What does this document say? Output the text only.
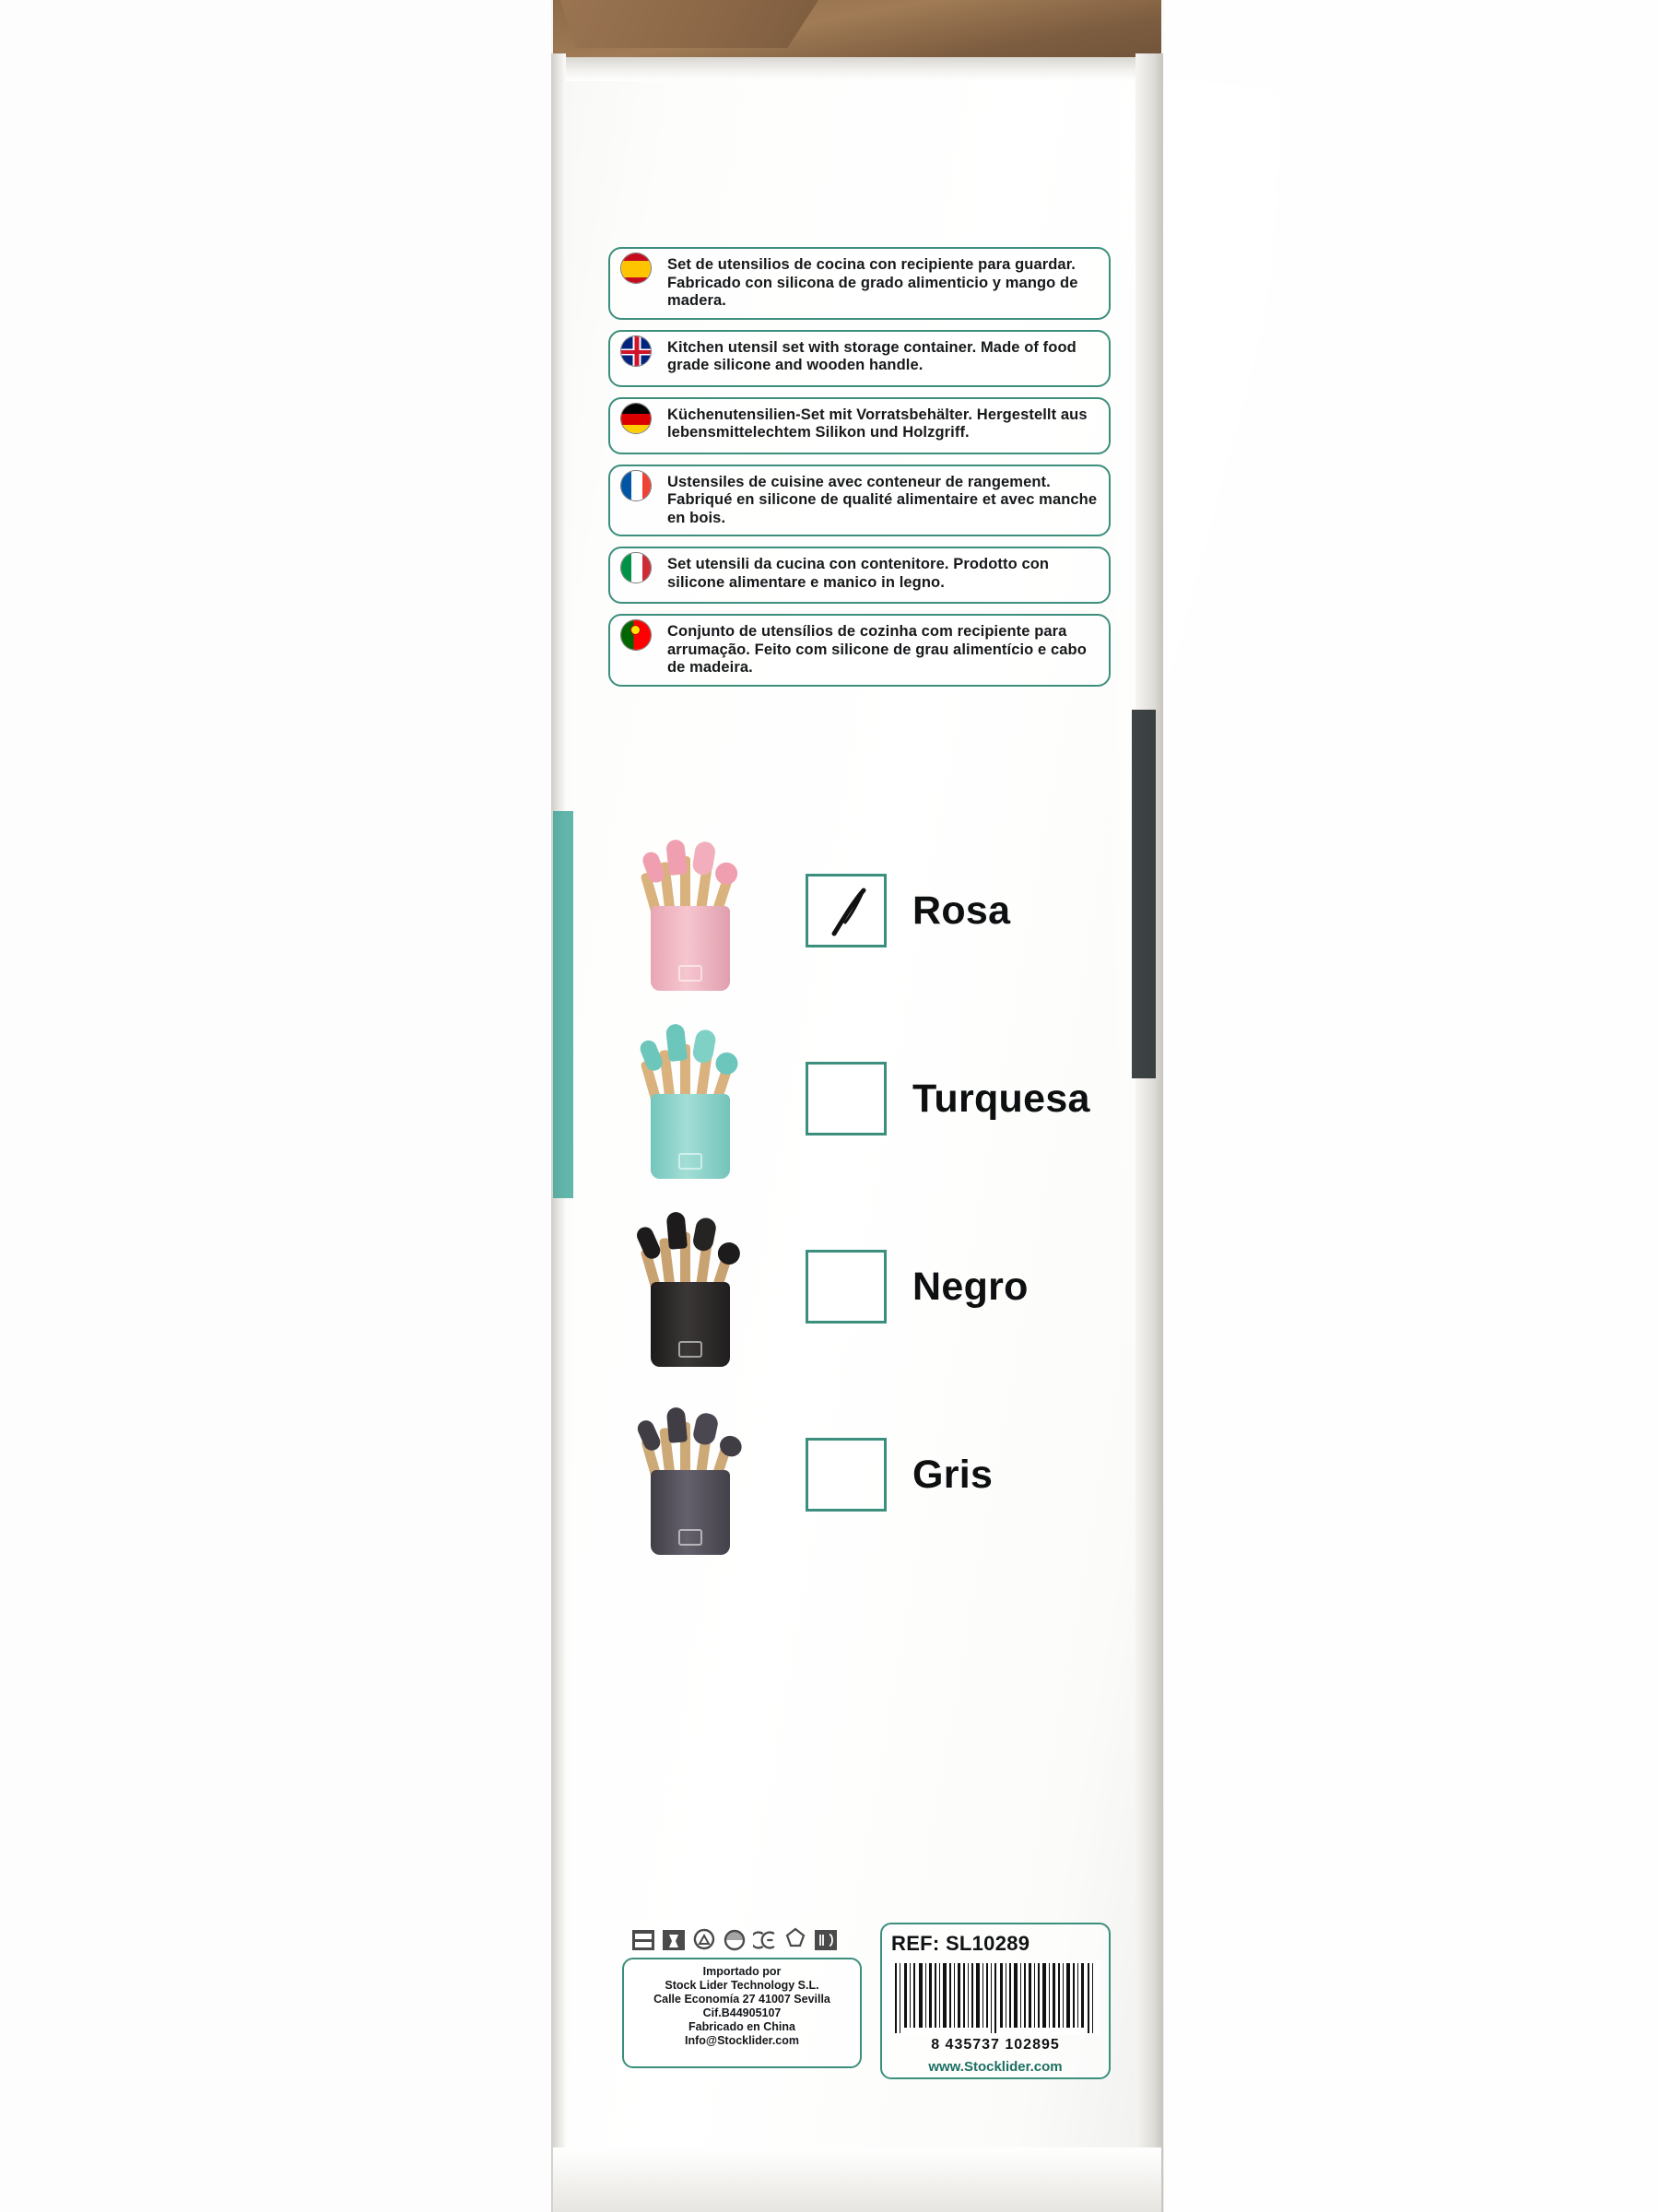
Set de utensilios de cocina con recipiente para guardar. Fabricado con silicona de grado alimenticio y mango de madera.
Kitchen utensil set with storage container. Made of food grade silicone and wooden handle.
Küchenutensilien-Set mit Vorratsbehälter. Hergestellt aus lebensmittelechtem Silikon und Holzgriff.
Ustensiles de cuisine avec conteneur de rangement. Fabriqué en silicone de qualité alimentaire et avec manche en bois.
Set utensili da cucina con contenitore. Prodotto con silicone alimentare e manico in legno.
Conjunto de utensílios de cozinha com recipiente para arrumação. Feito com silicone de grau alimentício e cabo de madeira.
Rosa
Turquesa
Negro
Gris
Importado por
Stock Lider Technology S.L.
Calle Economía 27 41007 Sevilla
Cif.B44905107
Fabricado en China
Info@Stocklider.com
REF: SL10289
8 435737 102895
www.Stocklider.com
